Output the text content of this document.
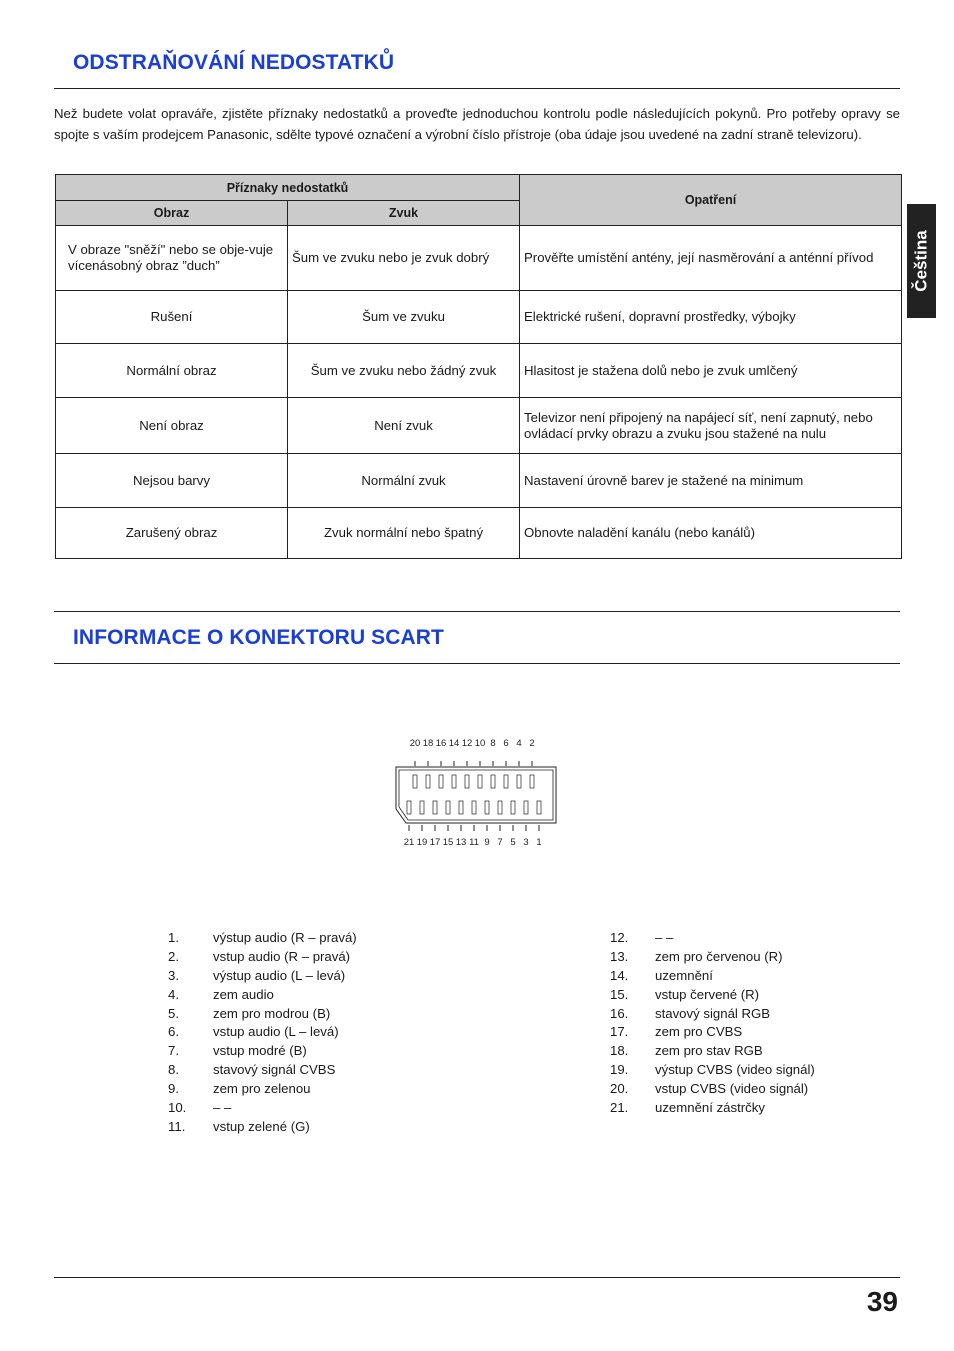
ODSTRAŇOVÁNÍ NEDOSTATKŮ

Než budete volat opraváře, zjistěte příznaky nedostatků a proveďte jednoduchou kontrolu podle následujících pokynů. Pro potřeby opravy se spojte s vaším prodejcem Panasonic, sdělte typové označení a výrobní číslo přístroje (oba údaje jsou uvedené na zadní straně televizoru).

Čeština
Příznaky nedostatků		Opatření
Obraz	Zvuk	
V obraze "sněží" nebo se obje-vuje vícenásobný obraz ”duch”	Šum ve zvuku nebo je zvuk dobrý	Prověřte umístění antény, její nasměrování a anténní přívod
Rušení	Šum ve zvuku	Elektrické rušení, dopravní prostředky, výbojky
Normální obraz	Šum ve zvuku nebo žádný zvuk	Hlasitost je stažena dolů nebo je zvuk umlčený
Není obraz	Není zvuk	Televizor není připojený na napájecí síť, není zapnutý, nebo ovládací prvky obrazu a zvuku jsou stažené na nulu
Nejsou barvy	Normální zvuk	Nastavení úrovně barev je stažené na minimum
Zarušený obraz	Zvuk normální nebo špatný	Obnovte naladění kanálu (nebo kanálů)
INFORMACE O KONEKTORU SCART
20 18 16 14 12 10 8 6 4 2
21 19 17 15 13 11 9 7 5 3 1
1.	výstup audio (R – pravá)
2.	vstup audio (R – pravá)
3.	výstup audio (L – levá)
4.	zem audio
5.	zem pro modrou (B)
6.	vstup audio (L – levá)
7.	vstup modré (B)
8.	stavový signál CVBS
9.	zem pro zelenou
10. – –
11. vstup zelené (G)
12. – –
13. zem pro červenou (R)
14. uzemnění
15. vstup červené (R)
16. stavový signál RGB
17. zem pro CVBS
18. zem pro stav RGB
19. výstup CVBS (video signál)
20. vstup CVBS (video signál)
21. uzemnění zástrčky

39
